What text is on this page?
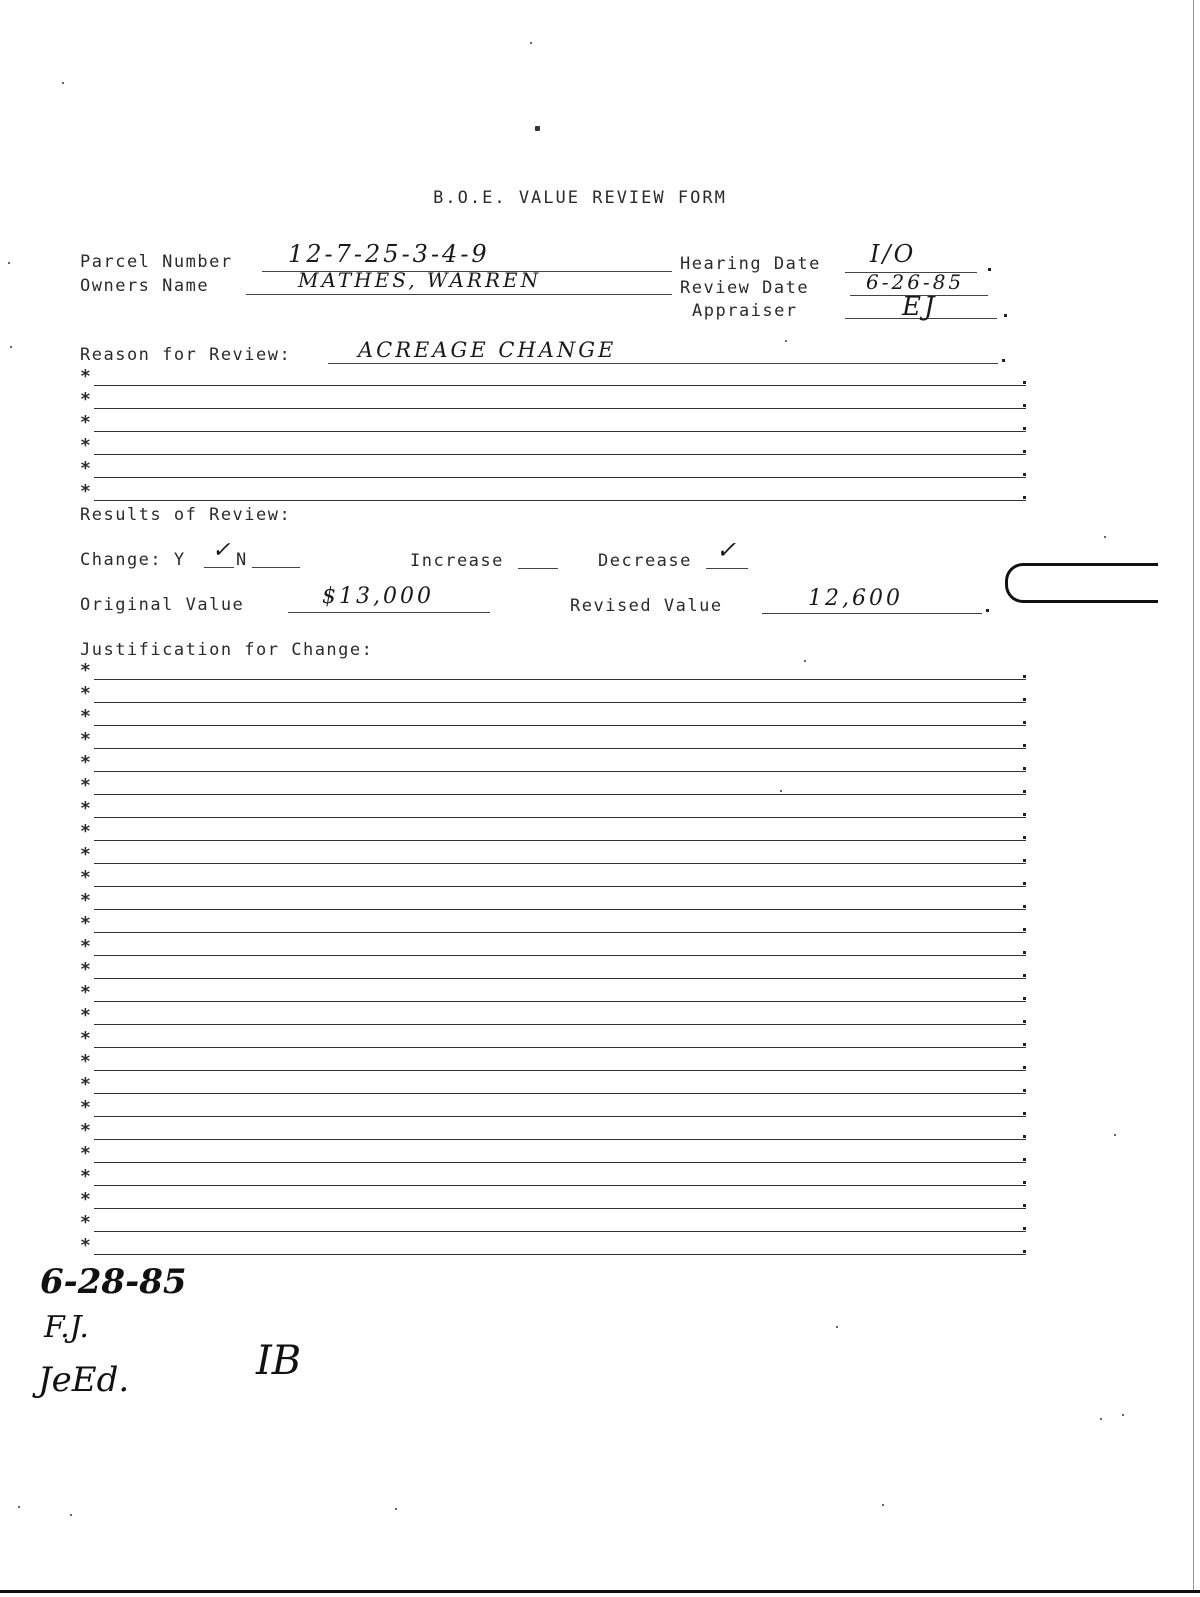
B.O.E. VALUE REVIEW FORM
Parcel Number 12-7-25-3-4-9
Owners Name	MATHES, WARREN
Hearing Date I/O
Review Date	6-26-85
Appraiser	EJ
Reason for Review:	ACREAGE CHANGE
*
*
*
*
*
*
Results of Review:
Change: Y ✓ N	Increase	Decrease ✓
Original Value	$13,000	Revised Value	12,600
Justification for Change:
*
*
*
*
*
*
*
*
*
*
*
*
*
*
*
*
*
*
*
*
*
*
*
*
*
*
6-28-85
F.J.
JeEd.	IB
